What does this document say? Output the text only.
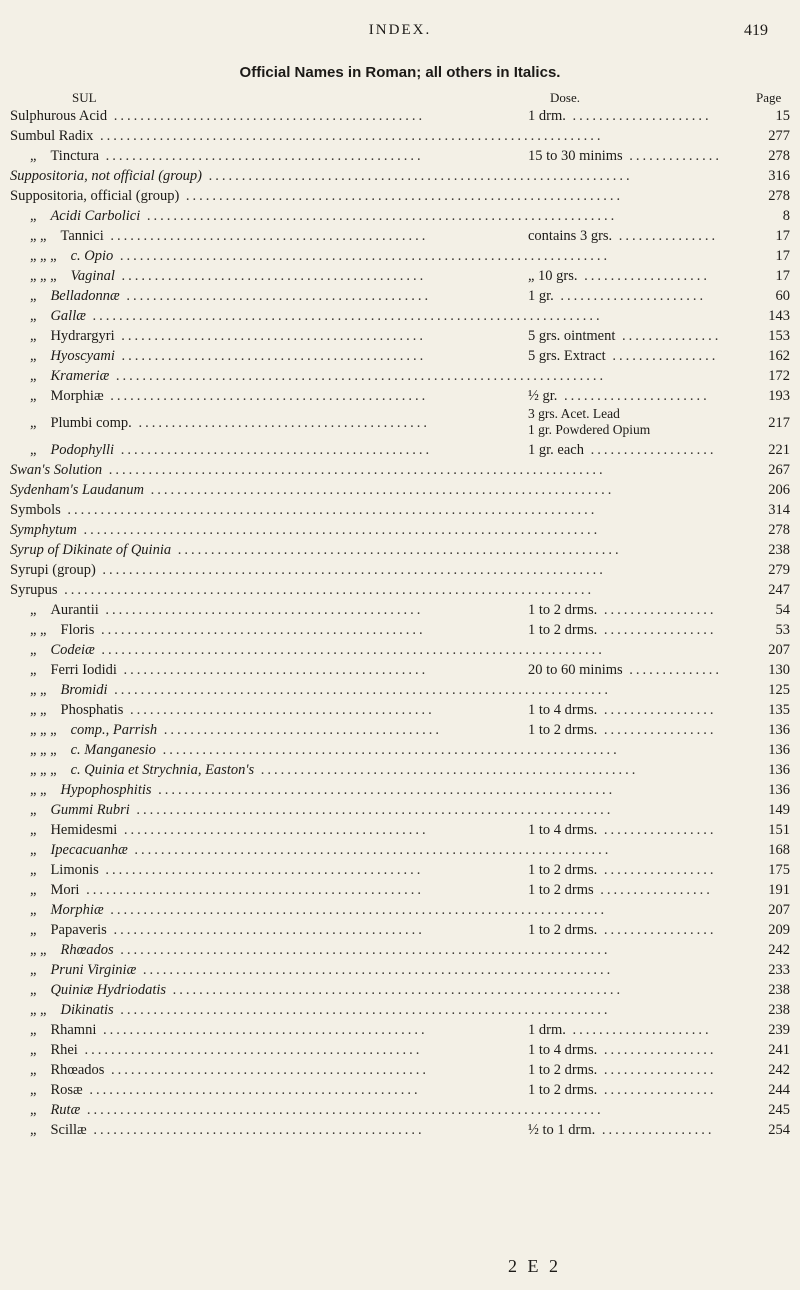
INDEX.	419
Official Names in Roman; all others in Italics.
SUL	Dose.	Page
Sulphurous Acid ...............................................	1 drm. .....................	15
Sumbul Radix ............................................................................	277
„ Tinctura ................................................	15 to 30 minims ..............	278
Suppositoria, not official (group) ................................................................	316
Suppositoria, official (group) ..................................................................	278
„ Acidi Carbolici .......................................................................	8
„ „ Tannici ................................................	contains 3 grs. ...............	17
„ „ „ c. Opio ..........................................................................	17
„ „ „ Vaginal ..............................................	„ 10 grs. ...................	17
„ Belladonnæ ..............................................	1 gr. ......................	60
„ Gallæ .............................................................................	143
„ Hydrargyri ..............................................	5 grs. ointment ...............	153
„ Hyoscyami ..............................................	5 grs. Extract ................	162
„ Krameriæ ..........................................................................	172
„ Morphiæ ................................................	½ gr. ......................	193
„ Plumbi comp. ............................................
3 grs. Acet. Lead
1 gr. Powdered Opium	217
„ Podophylli ...............................................	1 gr. each ...................	221
Swan's Solution ...........................................................................	267
Sydenham's Laudanum ......................................................................	206
Symbols ................................................................................	314
Symphytum ..............................................................................	278
Syrup of Dikinate of Quinia ...................................................................	238
Syrupi (group) ............................................................................	279
Syrupus ................................................................................	247
„ Aurantii ................................................	1 to 2 drms. .................	54
„ „ Floris .................................................	1 to 2 drms. .................	53
„ Codeiæ ............................................................................	207
„ Ferri Iodidi ..............................................	20 to 60 minims ..............	130
„ „ Bromidi ...........................................................................	125
„ „ Phosphatis ..............................................	1 to 4 drms. .................	135
„ „ „ comp., Parrish ..........................................	1 to 2 drms. .................	136
„ „ „ c. Manganesio .....................................................................	136
„ „ „ c. Quinia et Strychnia, Easton's .........................................................	136
„ „ Hypophosphitis .....................................................................	136
„ Gummi Rubri ........................................................................	149
„ Hemidesmi ..............................................	1 to 4 drms. .................	151
„ Ipecacuanhæ ........................................................................	168
„ Limonis ................................................	1 to 2 drms. .................	175
„ Mori ...................................................	1 to 2 drms .................	191
„ Morphiæ ...........................................................................	207
„ Papaveris ...............................................	1 to 2 drms. .................	209
„ „ Rhœados ..........................................................................	242
„ Pruni Virginiæ .......................................................................	233
„ Quiniæ Hydriodatis ....................................................................	238
„ „ Dikinatis ..........................................................................	238
„ Rhamni .................................................	1 drm. .....................	239
„ Rhei ...................................................	1 to 4 drms. .................	241
„ Rhœados ................................................	1 to 2 drms. .................	242
„ Rosæ ..................................................	1 to 2 drms. .................	244
„ Rutæ ..............................................................................	245
„ Scillæ ..................................................	½ to 1 drm. .................	254
2 E 2
